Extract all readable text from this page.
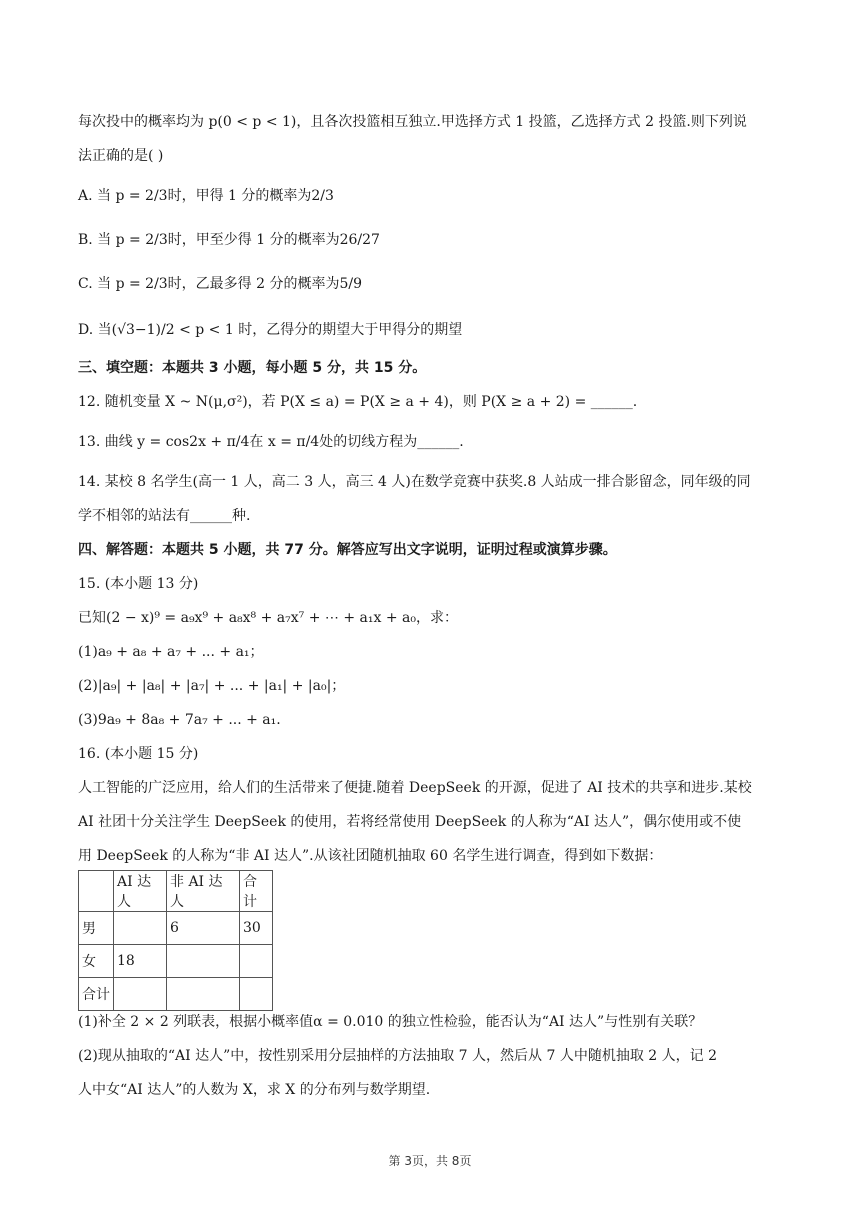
每次投中的概率均为 p(0 < p < 1)，且各次投篮相互独立.甲选择方式 1 投篮，乙选择方式 2 投篮.则下列说
法正确的是( )
A. 当 p = 2/3时，甲得 1 分的概率为2/3
B. 当 p = 2/3时，甲至少得 1 分的概率为26/27
C. 当 p = 2/3时，乙最多得 2 分的概率为5/9
D. 当(√3−1)/2 < p < 1 时，乙得分的期望大于甲得分的期望
三、填空题：本题共 3 小题，每小题 5 分，共 15 分。
12. 随机变量 X ~ N(μ,σ²)，若 P(X ≤ a) = P(X ≥ a + 4)，则 P(X ≥ a + 2) = ______.
13. 曲线 y = cos2x + π/4在 x = π/4处的切线方程为______.
14. 某校 8 名学生(高一 1 人，高二 3 人，高三 4 人)在数学竞赛中获奖.8 人站成一排合影留念，同年级的同
学不相邻的站法有______种.
四、解答题：本题共 5 小题，共 77 分。解答应写出文字说明，证明过程或演算步骤。
15. (本小题 13 分)
已知(2 − x)⁹ = a₉x⁹ + a₈x⁸ + a₇x⁷ + ⋯ + a₁x + a₀，求：
(1)a₉ + a₈ + a₇ + ... + a₁；
(2)|a₉| + |a₈| + |a₇| + ... + |a₁| + |a₀|；
(3)9a₉ + 8a₈ + 7a₇ + ... + a₁.
16. (本小题 15 分)
人工智能的广泛应用，给人们的生活带来了便捷.随着 DeepSeek 的开源，促进了 AI 技术的共享和进步.某校
AI 社团十分关注学生 DeepSeek 的使用，若将经常使用 DeepSeek 的人称为“AI 达人”，偶尔使用或不使
用 DeepSeek 的人称为“非 AI 达人”.从该社团随机抽取 60 名学生进行调查，得到如下数据：
	AI 达人	非 AI 达人	合计
男		6	30
女	18		
合计			
(1)补全 2 × 2 列联表，根据小概率值α = 0.010 的独立性检验，能否认为“AI 达人”与性别有关联？
(2)现从抽取的“AI 达人”中，按性别采用分层抽样的方法抽取 7 人，然后从 7 人中随机抽取 2 人，记 2
人中女“AI 达人”的人数为 X，求 X 的分布列与数学期望.
第 3页，共 8页
